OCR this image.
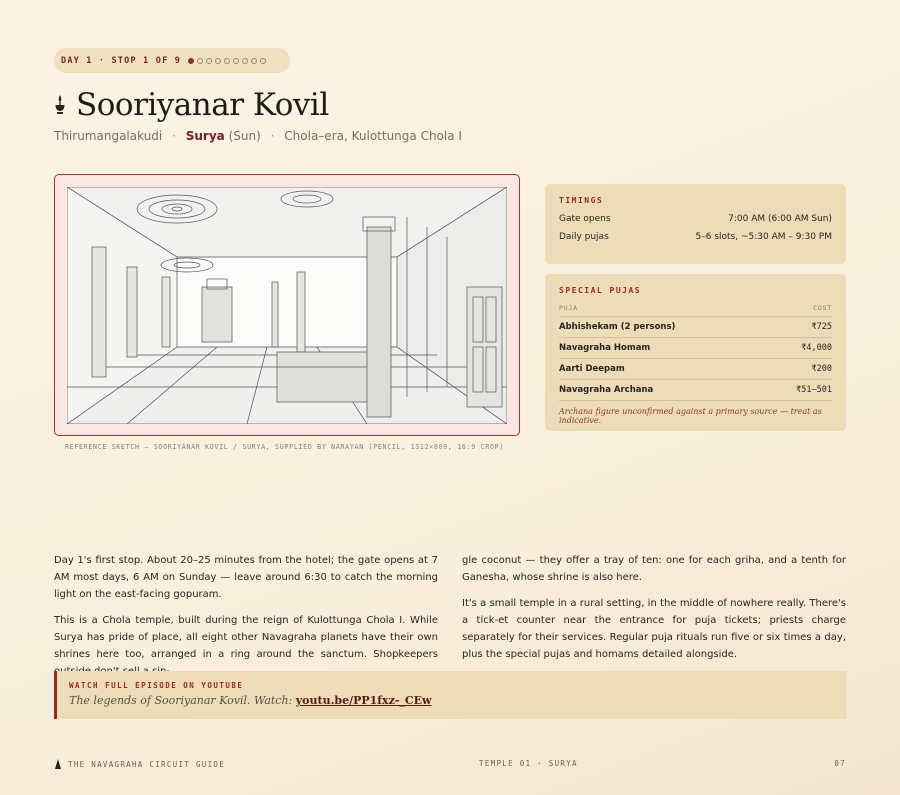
DAY 1 · STOP 1 OF 9
Sooriyanar Kovil
Thirumangalakudi · Surya (Sun) · Chola–era, Kulottunga Chola I
REFERENCE SKETCH — SOORIYANAR KOVIL / SURYA, SUPPLIED BY NARAYAN (PENCIL, 1312×800, 16:9 CROP)
TIMINGS
Gate opens	7:00 AM (6:00 AM Sun)
Daily pujas	5–6 slots, ~5:30 AM – 9:30 PM
SPECIAL PUJAS
PUJA	COST
Abhishekam (2 persons)	₹725
Navagraha Homam	₹4,000
Aarti Deepam	₹200
Navagraha Archana	₹51–501
Archana figure unconfirmed against a primary source — treat as indicative.

Day 1's first stop. About 20–25 minutes from the hotel; the gate opens at 7 AM most days, 6 AM on Sunday — leave around 6:30 to catch the morning light on the east-facing gopuram.

This is a Chola temple, built during the reign of Kulottunga Chola I. While Surya has pride of place, all eight other Navagraha planets have their own shrines here too, arranged in a ring around the sanctum. Shopkeepers

gle coconut — they offer a tray of ten: one for each griha, and a tenth for Ganesha, whose shrine is also here.

It's a small temple in a rural setting, in the middle of nowhere really. There's a tick-et counter near the entrance for puja tickets; priests charge separately for their services. Regular puja rituals run five or six times a day, plus the special pujas and homams detailed alongside.

WATCH FULL EPISODE ON YOUTUBE
The legends of Sooriyanar Kovil. Watch: youtu.be/PP1fxz-_CEw
THE NAVAGRAHA CIRCUIT GUIDE	TEMPLE 01 · SURYA	07
